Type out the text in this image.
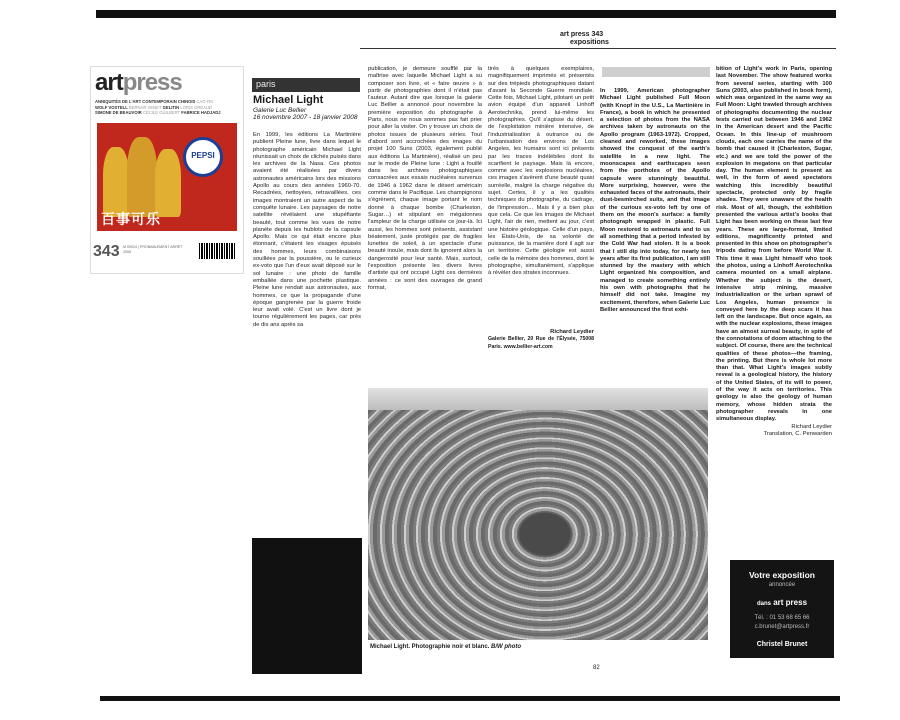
artpress
ANNIQUITÉS DE L'ART CONTEMPORAIN CHINOIS CAO FEI
WOLF VOSTELL BERNAR VENET GELITIN LORIS GREAUD
SIMONE DE BEAUVOIR CÉCILE GUILBERT FABRICE HADJADJ
PEPSI
百事可乐
343 M 09024 | PROBABLEMENT ARRÊT 2008
art press 343
expositions
paris
Michael Light
Galerie Luc Bellier
16 novembre 2007 - 18 janvier 2008

En 1999, les éditions La Martinière publient Pleine lune, livre dans lequel le photographe américain Michael Light réunissait un choix de clichés puisés dans les archives de la Nasa. Ces photos avaient été réalisées par divers astronautes américains lors des missions Apollo au cours des années 1960-70. Recadrées, nettoyées, retravaillées, ces images montraient un autre aspect de la conquête lunaire. Les paysages de notre satellite révélaient une stupéfiante beauté, tout comme les vues de notre planète depuis les hublots de la capsule Apollo. Mais ce qui était encore plus étonnant, c'étaient les visages épuisés des hommes, leurs combinaisons souillées par la poussière, ou le curieux ex-voto que l'un d'eux avait déposé sur le sol lunaire : une photo de famille emballée dans une pochette plastique. Pleine lune rendait aux astronautes, aux hommes, ce que la propagande d'une époque gangrenée par la guerre froide leur avait volé. C'est un livre dont je tourne régulièrement les pages, car près de dix ans après sa

publication, je demeure soufflé par la maîtrise avec laquelle Michael Light a su composer son livre, et « faire œuvre » à partir de photographies dont il n'était pas l'auteur. Autant dire que lorsque la galerie Luc Bellier a annoncé pour novembre la première exposition du photographe à Paris, nous ne nous sommes pas fait prier pour aller la visiter. On y trouve un choix de photos issues de plusieurs séries. Tout d'abord sont accrochées des images du projet 100 Suns (2003, également publié aux éditions La Martinière), réalisé un peu sur le mode de Pleine lune : Light a fouillé dans les archives photographiques consacrées aux essais nucléaires survenus de 1946 à 1962 dans le désert américain comme dans le Pacifique. Les champignons s'égrènent, chaque image portant le nom donné à chaque bombe (Charleston, Sugar…) et stipulant en mégatonnes l'ampleur de la charge utilisée ce jour-là. Ici aussi, les hommes sont présents, assistant béatement, juste protégés par de fragiles lunettes de soleil, à un spectacle d'une beauté inouïe, mais dont ils ignorent alors la dangerosité pour leur santé. Mais, surtout, l'exposition présente les divers livres d'artiste qui ont occupé Light ces dernières années : ce sont des ouvrages de grand format,

tirés à quelques exemplaires, magnifiquement imprimés et présentés sur des trépieds photographiques datant d'avant la Seconde Guerre mondiale. Cette fois, Michael Light, pilotant un petit avion équipé d'un appareil Linhoff Aerotechnika, prend lui-même les photographies. Qu'il s'agisse du désert, de l'exploitation minière intensive, de l'industrialisation à outrance ou de l'urbanisation des environs de Los Angeles, les humains sont ici présents par les traces indélébiles dont ils scarifient le paysage. Mais là encore, comme avec les explosions nucléaires, ces images s'avèrent d'une beauté quasi surréelle, malgré la charge négative du sujet. Certes, il y a les qualités techniques du photographe, du cadrage, de l'impression… Mais il y a bien plus que cela. Ce que les images de Michael Light, l'air de rien, mettent au jour, c'est une histoire géologique. Celle d'un pays, les États-Unis, de sa volonté de puissance, de la manière dont il agit sur un territoire. Cette géologie est aussi celle de la mémoire des hommes, dont le photographe, simultanément, s'applique à révéler des strates inconnues.

Richard Leydier
Galerie Bellier, 20 Rue de l'Élysée, 75008 Paris. www.bellier-art.com

In 1999, American photographer Michael Light published Full Moon (with Knopf in the U.S., La Martinière in France), a book in which he presented a selection of photos from the NASA archives taken by astronauts on the Apollo program (1963-1972). Cropped, cleaned and reworked, these images showed the conquest of the earth's satellite in a new light. The moonscapes and earthscapes seen from the portholes of the Apollo capsule were stunningly beautiful. More surprising, however, were the exhausted faces of the astronauts, their dust-besmirched suits, and that image of the curious ex-voto left by one of them on the moon's surface: a family photograph wrapped in plastic. Full Moon restored to astronauts and to us all something that a period infested by the Cold War had stolen. It is a book that I still dip into today, for nearly ten years after its first publication, I am still stunned by the mastery with which Light organized his composition, and managed to create something entirely his own with photographs that he himself did not take. Imagine my excitement, therefore, when Galerie Luc Bellier announced the first exhi-

bition of Light's work in Paris, opening last November. The show featured works from several series, starting with 100 Suns (2003, also published in book form), which was organized in the same way as Full Moon: Light trawled through archives of photographs documenting the nuclear tests carried out between 1946 and 1962 in the American desert and the Pacific Ocean. In this line-up of mushroom clouds, each one carries the name of the bomb that caused it (Charleston, Sugar, etc.) and we are told the power of the explosion in megatons on that particular day. The human element is present as well, in the form of awed spectators watching this incredibly beautiful spectacle, protected only by fragile shades. They were unaware of the health risk. Most of all, though, the exhibition presented the various artist's books that Light has been working on these last few years. These are large-format, limited editions, magnificently printed and presented in this show on photographer's tripods dating from before World War II. This time it was Light himself who took the photos, using a Linhoff Aerotechnika camera mounted on a small airplane. Whether the subject is the desert, intensive strip mining, massive industrialization or the urban sprawl of Los Angeles, human presence is conveyed here by the deep scars it has left on the landscape. But once again, as with the nuclear explosions, these images have an almost surreal beauty, in spite of the connotations of doom attaching to the subject. Of course, there are the technical qualities of these photos—the framing, the printing. But there is whole lot more than that. What Light's images subtly reveal is a geological history, the history of the United States, of its will to power, of the way it acts on territories. This geology is also the geology of human memory, whose hidden strata the photographer reveals in one simultaneous display.
Richard Leydier
Translation, C. Penwarden
Michael Light. Photographie noir et blanc. B/W photo
Votre exposition
annoncée
dans art press
Tél. : 01 53 68 65 66
c.brunet@artpress.fr
Christel Brunet
82
